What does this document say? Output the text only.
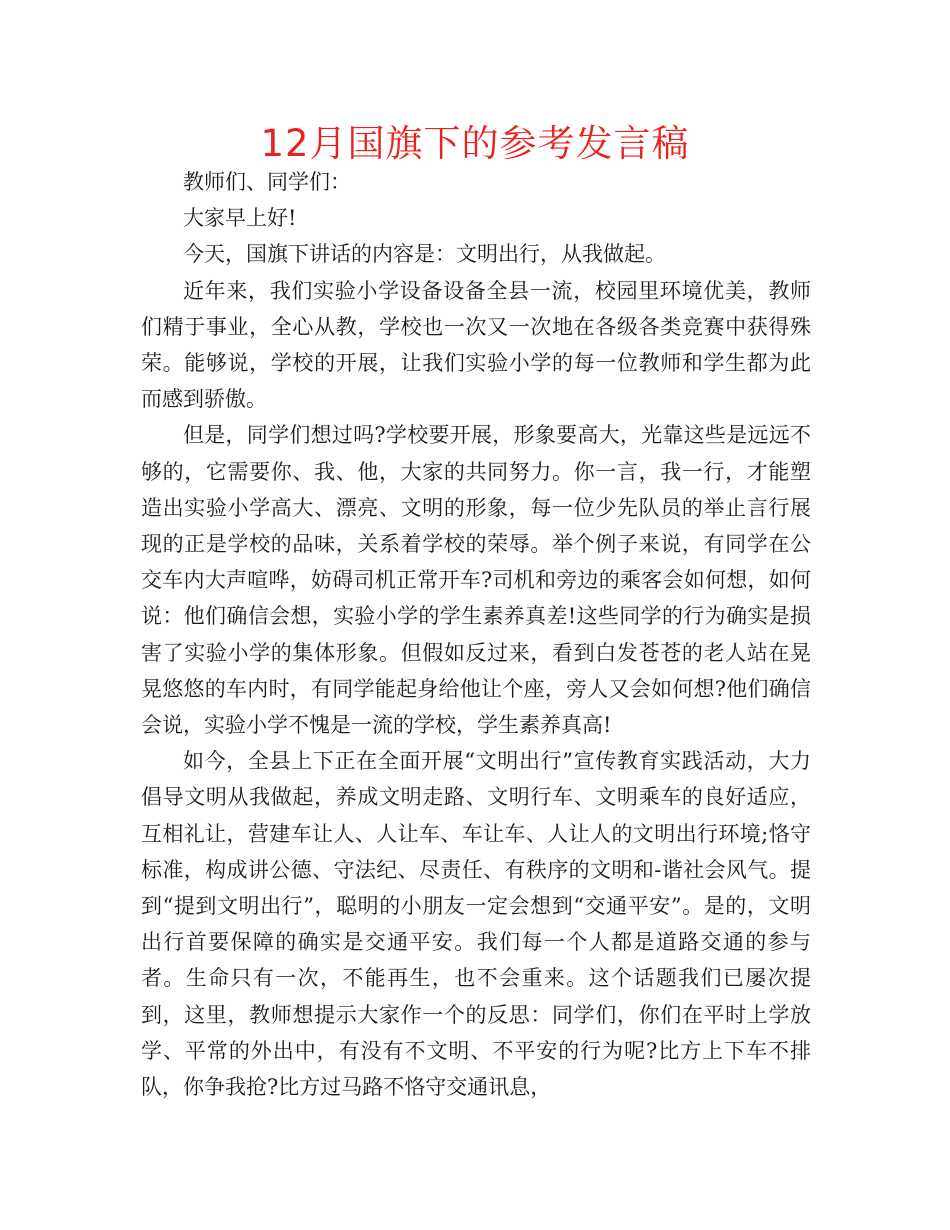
12月国旗下的参考发言稿

教师们、同学们：

大家早上好!

今天，国旗下讲话的内容是：文明出行，从我做起。

近年来，我们实验小学设备设备全县一流，校园里环境优美，教师们精于事业，全心从教，学校也一次又一次地在各级各类竞赛中获得殊荣。能够说，学校的开展，让我们实验小学的每一位教师和学生都为此而感到骄傲。

但是，同学们想过吗?学校要开展，形象要高大，光靠这些是远远不够的，它需要你、我、他，大家的共同努力。你一言，我一行，才能塑造出实验小学高大、漂亮、文明的形象，每一位少先队员的举止言行展现的正是学校的品味，关系着学校的荣辱。举个例子来说，有同学在公交车内大声喧哗，妨碍司机正常开车?司机和旁边的乘客会如何想，如何说：他们确信会想，实验小学的学生素养真差!这些同学的行为确实是损害了实验小学的集体形象。但假如反过来，看到白发苍苍的老人站在晃晃悠悠的车内时，有同学能起身给他让个座，旁人又会如何想?他们确信会说，实验小学不愧是一流的学校，学生素养真高!

如今，全县上下正在全面开展“文明出行”宣传教育实践活动，大力倡导文明从我做起，养成文明走路、文明行车、文明乘车的良好适应，互相礼让，营建车让人、人让车、车让车、人让人的文明出行环境;恪守标准，构成讲公德、守法纪、尽责任、有秩序的文明和-谐社会风气。提到“提到文明出行”，聪明的小朋友一定会想到“交通平安”。是的，文明出行首要保障的确实是交通平安。我们每一个人都是道路交通的参与者。生命只有一次，不能再生，也不会重来。这个话题我们已屡次提到，这里，教师想提示大家作一个的反思：同学们，你们在平时上学放学、平常的外出中，有没有不文明、不平安的行为呢?比方上下车不排队，你争我抢?比方过马路不恪守交通讯息，
